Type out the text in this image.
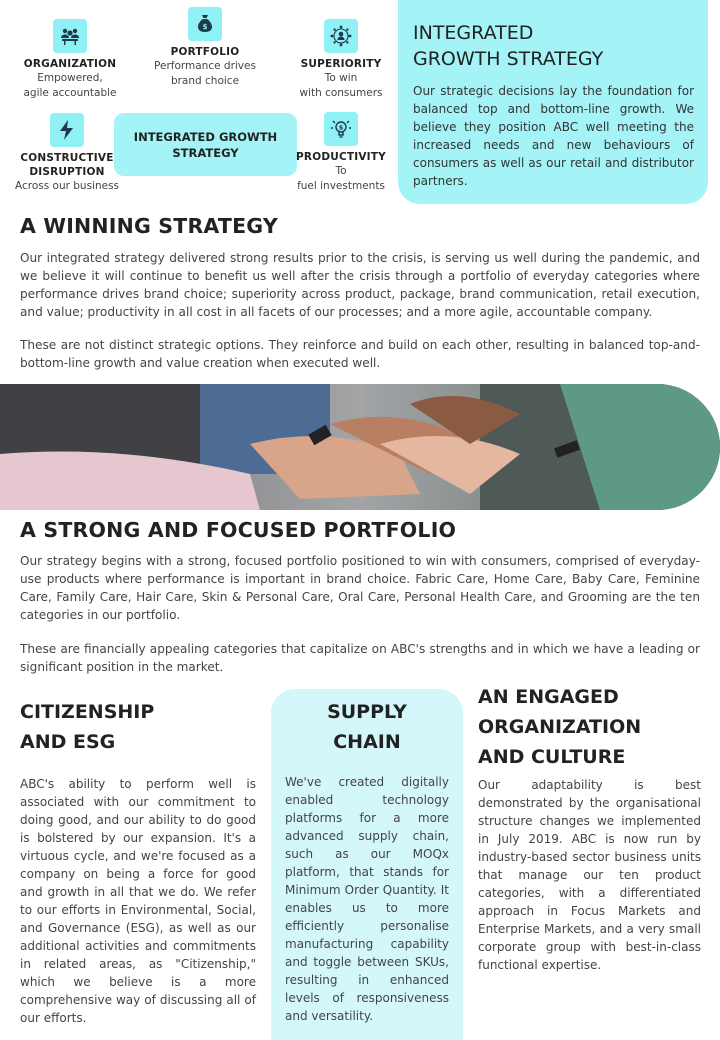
ORGANIZATION
Empowered,
agile accountable
$
PORTFOLIO
Performance drives
brand choice
SUPERIORITY
To win
with consumers
CONSTRUCTIVE
DISRUPTION
Across our business
INTEGRATED GROWTH STRATEGY
$
PRODUCTIVITY
To
fuel investments
INTEGRATED
GROWTH STRATEGY
Our strategic decisions lay the foundation for balanced top and bottom-line growth. We believe they position ABC well meeting the increased needs and new behaviours of consumers as well as our retail and distributor partners.
A WINNING STRATEGY
Our integrated strategy delivered strong results prior to the crisis, is serving us well during the pandemic, and we believe it will continue to benefit us well after the crisis through a portfolio of everyday categories where performance drives brand choice; superiority across product, package, brand communication, retail execution, and value; productivity in all cost in all facets of our processes; and a more agile, accountable company.
These are not distinct strategic options. They reinforce and build on each other, resulting in balanced top-and-bottom-line growth and value creation when executed well.
A STRONG AND FOCUSED PORTFOLIO
Our strategy begins with a strong, focused portfolio positioned to win with consumers, comprised of everyday-use products where performance is important in brand choice. Fabric Care, Home Care, Baby Care, Feminine Care, Family Care, Hair Care, Skin & Personal Care, Oral Care, Personal Health Care, and Grooming are the ten categories in our portfolio.
These are financially appealing categories that capitalize on ABC's strengths and in which we have a leading or significant position in the market.
CITIZENSHIP
AND ESG
ABC's ability to perform well is associated with our commitment to doing good, and our ability to do good is bolstered by our expansion. It's a virtuous cycle, and we're focused as a company on being a force for good and growth in all that we do. We refer to our efforts in Environmental, Social, and Governance (ESG), as well as our additional activities and commitments in related areas, as "Citizenship," which we believe is a more comprehensive way of discussing all of our efforts.
SUPPLY
CHAIN
We've created digitally enabled technology platforms for a more advanced supply chain, such as our MOQx platform, that stands for Minimum Order Quantity. It enables us to more efficiently personalise manufacturing capability and toggle between SKUs, resulting in enhanced levels of responsiveness and versatility.
AN ENGAGED
ORGANIZATION
AND CULTURE
Our adaptability is best demonstrated by the organisational structure changes we implemented in July 2019. ABC is now run by industry-based sector business units that manage our ten product categories, with a differentiated approach in Focus Markets and Enterprise Markets, and a very small corporate group with best-in-class functional expertise.
